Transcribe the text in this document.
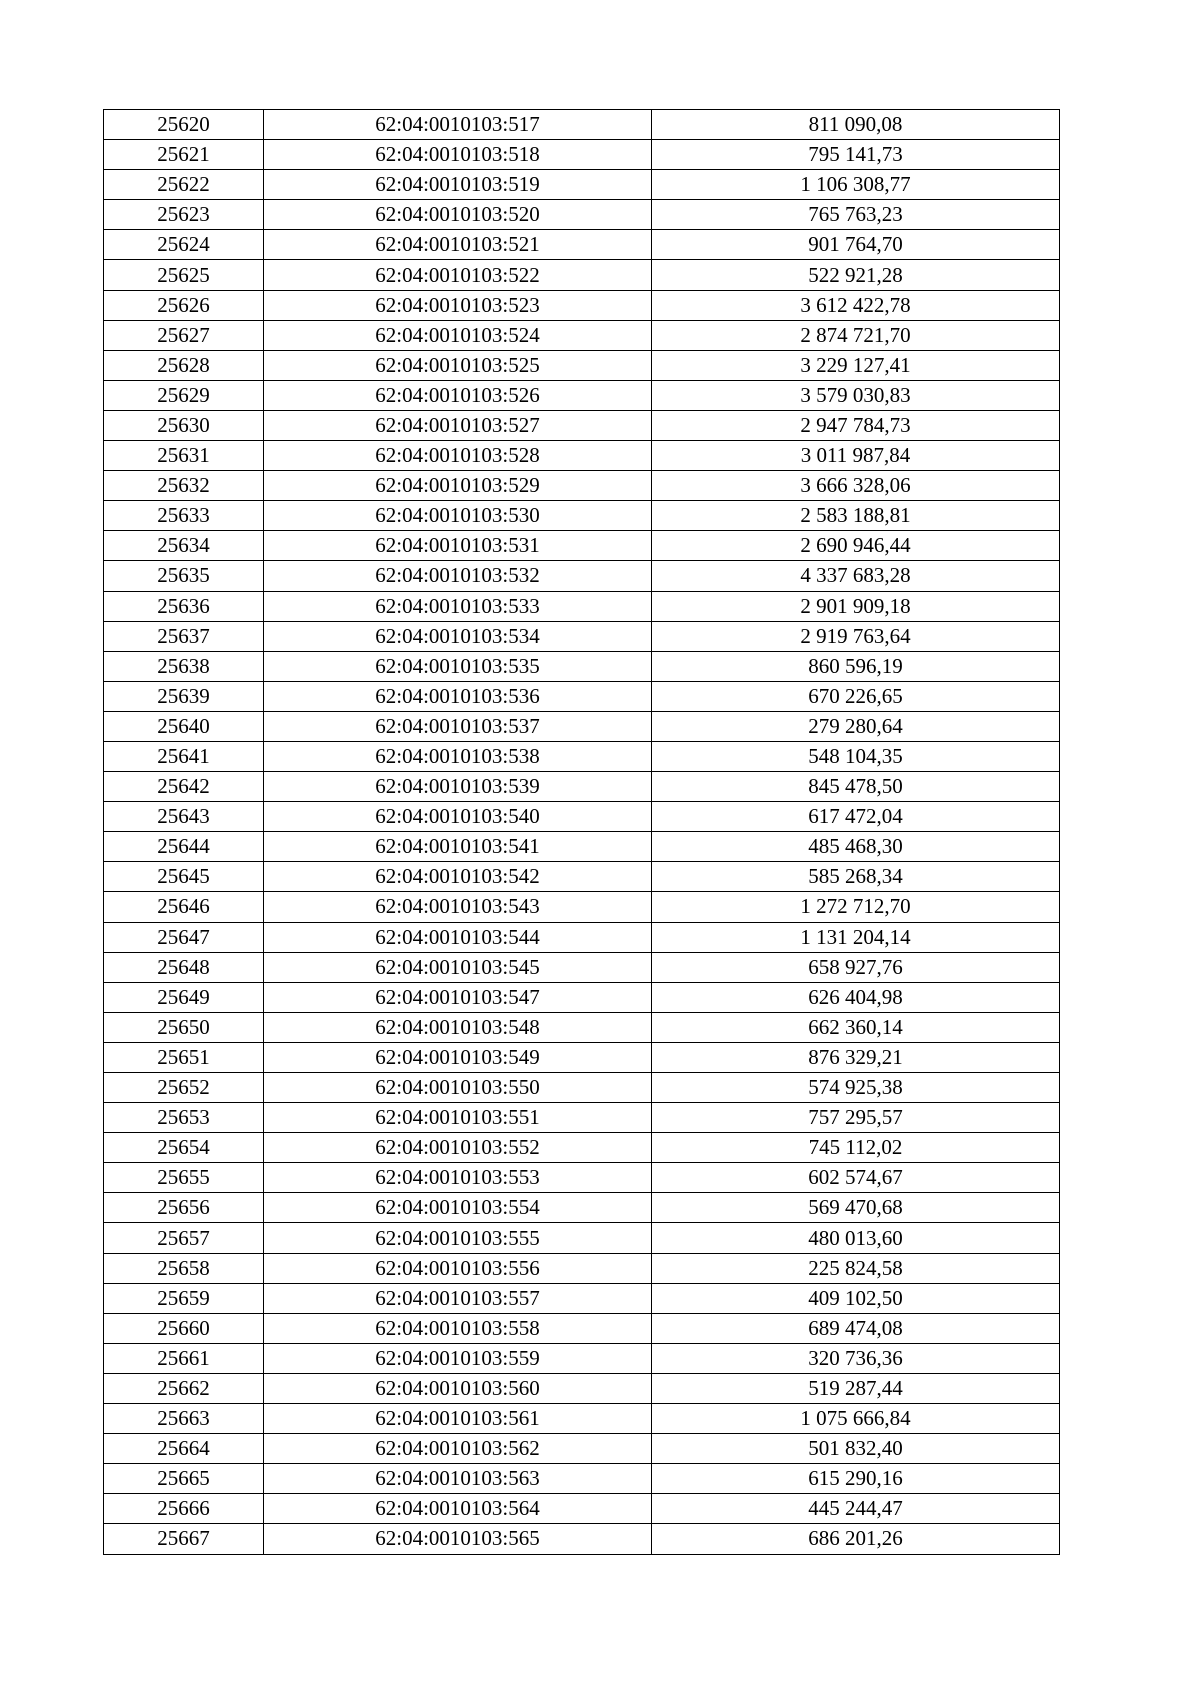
25620	62:04:0010103:517	811 090,08
25621	62:04:0010103:518	795 141,73
25622	62:04:0010103:519	1 106 308,77
25623	62:04:0010103:520	765 763,23
25624	62:04:0010103:521	901 764,70
25625	62:04:0010103:522	522 921,28
25626	62:04:0010103:523	3 612 422,78
25627	62:04:0010103:524	2 874 721,70
25628	62:04:0010103:525	3 229 127,41
25629	62:04:0010103:526	3 579 030,83
25630	62:04:0010103:527	2 947 784,73
25631	62:04:0010103:528	3 011 987,84
25632	62:04:0010103:529	3 666 328,06
25633	62:04:0010103:530	2 583 188,81
25634	62:04:0010103:531	2 690 946,44
25635	62:04:0010103:532	4 337 683,28
25636	62:04:0010103:533	2 901 909,18
25637	62:04:0010103:534	2 919 763,64
25638	62:04:0010103:535	860 596,19
25639	62:04:0010103:536	670 226,65
25640	62:04:0010103:537	279 280,64
25641	62:04:0010103:538	548 104,35
25642	62:04:0010103:539	845 478,50
25643	62:04:0010103:540	617 472,04
25644	62:04:0010103:541	485 468,30
25645	62:04:0010103:542	585 268,34
25646	62:04:0010103:543	1 272 712,70
25647	62:04:0010103:544	1 131 204,14
25648	62:04:0010103:545	658 927,76
25649	62:04:0010103:547	626 404,98
25650	62:04:0010103:548	662 360,14
25651	62:04:0010103:549	876 329,21
25652	62:04:0010103:550	574 925,38
25653	62:04:0010103:551	757 295,57
25654	62:04:0010103:552	745 112,02
25655	62:04:0010103:553	602 574,67
25656	62:04:0010103:554	569 470,68
25657	62:04:0010103:555	480 013,60
25658	62:04:0010103:556	225 824,58
25659	62:04:0010103:557	409 102,50
25660	62:04:0010103:558	689 474,08
25661	62:04:0010103:559	320 736,36
25662	62:04:0010103:560	519 287,44
25663	62:04:0010103:561	1 075 666,84
25664	62:04:0010103:562	501 832,40
25665	62:04:0010103:563	615 290,16
25666	62:04:0010103:564	445 244,47
25667	62:04:0010103:565	686 201,26
